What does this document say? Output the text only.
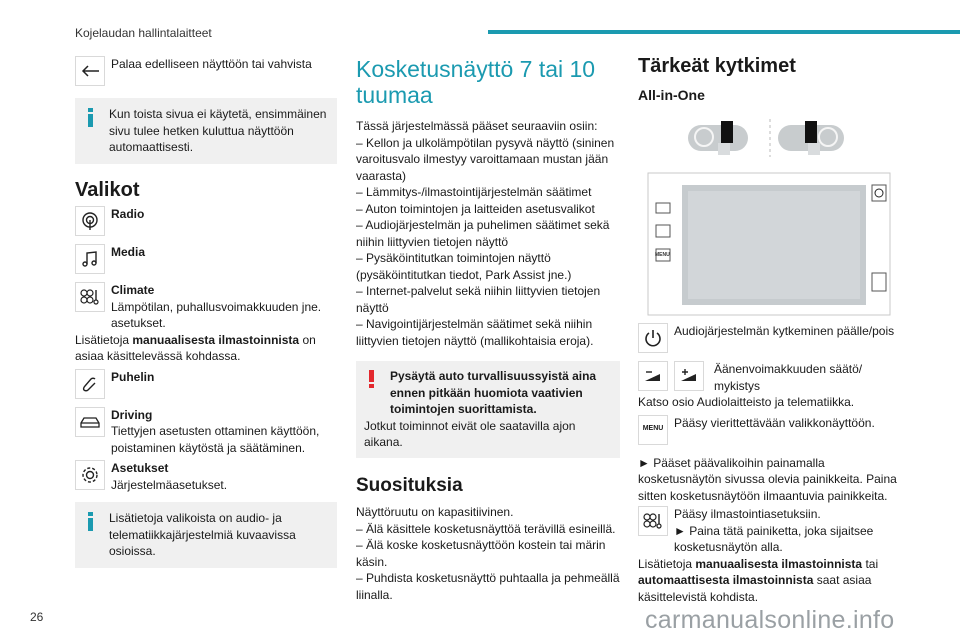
Kojelaudan hallintalaitteet
Palaa edelliseen näyttöön tai vahvista
Kun toista sivua ei käytetä, ensimmäinen sivu tulee hetken kuluttua näyttöön automaattisesti.
Valikot
Radio
Media
Climate
Lämpötilan, puhallusvoimakkuuden jne. asetukset.
Lisätietoja manuaalisesta ilmastoinnista on asiaa käsittelevässä kohdassa.
Puhelin
Driving
Tiettyjen asetusten ottaminen käyttöön, poistaminen käytöstä ja säätäminen.
Asetukset
Järjestelmäasetukset.
Lisätietoja valikoista on audio- ja telematiikkajärjestelmiä kuvaavissa osioissa.
Kosketusnäyttö 7 tai 10 tuumaa

Tässä järjestelmässä pääset seuraaviin osiin:

– Kellon ja ulkolämpötilan pysyvä näyttö (sininen varoitusvalo ilmestyy varoittamaan mustan jään vaarasta)

– Lämmitys-/ilmastointijärjestelmän säätimet

– Auton toimintojen ja laitteiden asetusvalikot

– Audiojärjestelmän ja puhelimen säätimet sekä niihin liittyvien tietojen näyttö

– Pysäköintitutkan toimintojen näyttö (pysäköintitutkan tiedot, Park Assist jne.)

– Internet-palvelut sekä niihin liittyvien tietojen näyttö

– Navigointijärjestelmän säätimet sekä niihin liittyvien tietojen näyttö (mallikohtaisia eroja).

Pysäytä auto turvallisuussyistä aina ennen pitkään huomiota vaativien toimintojen suorittamista.
Jotkut toiminnot eivät ole saatavilla ajon aikana.
Suosituksia

Näyttöruutu on kapasitiivinen.

– Älä käsittele kosketusnäyttöä terävillä esineillä.

– Älä koske kosketusnäyttöön kostein tai märin käsin.

– Puhdista kosketusnäyttö puhtaalla ja pehmeällä liinalla.

Tärkeät kytkimet
All-in-One
MENU
Audiojärjestelmän kytkeminen päälle/pois
Äänenvoimakkuuden säätö/ mykistys
Katso osio Audiolaitteisto ja telematiikka.
MENU Pääsy vierittettävään valikkonäyttöön.

► Pääset päävalikoihin painamalla kosketusnäytön sivussa olevia painikkeita. Paina sitten kosketusnäytöön ilmaantuvia painikkeita.

Pääsy ilmastointiasetuksiin.
► Paina tätä painiketta, joka sijaitsee kosketusnäytön alla.
Lisätietoja manuaalisesta ilmastoinnista tai automaattisesta ilmastoinnista saat asiaa käsittelevistä kohdista.
26	carmanualsonline.info
